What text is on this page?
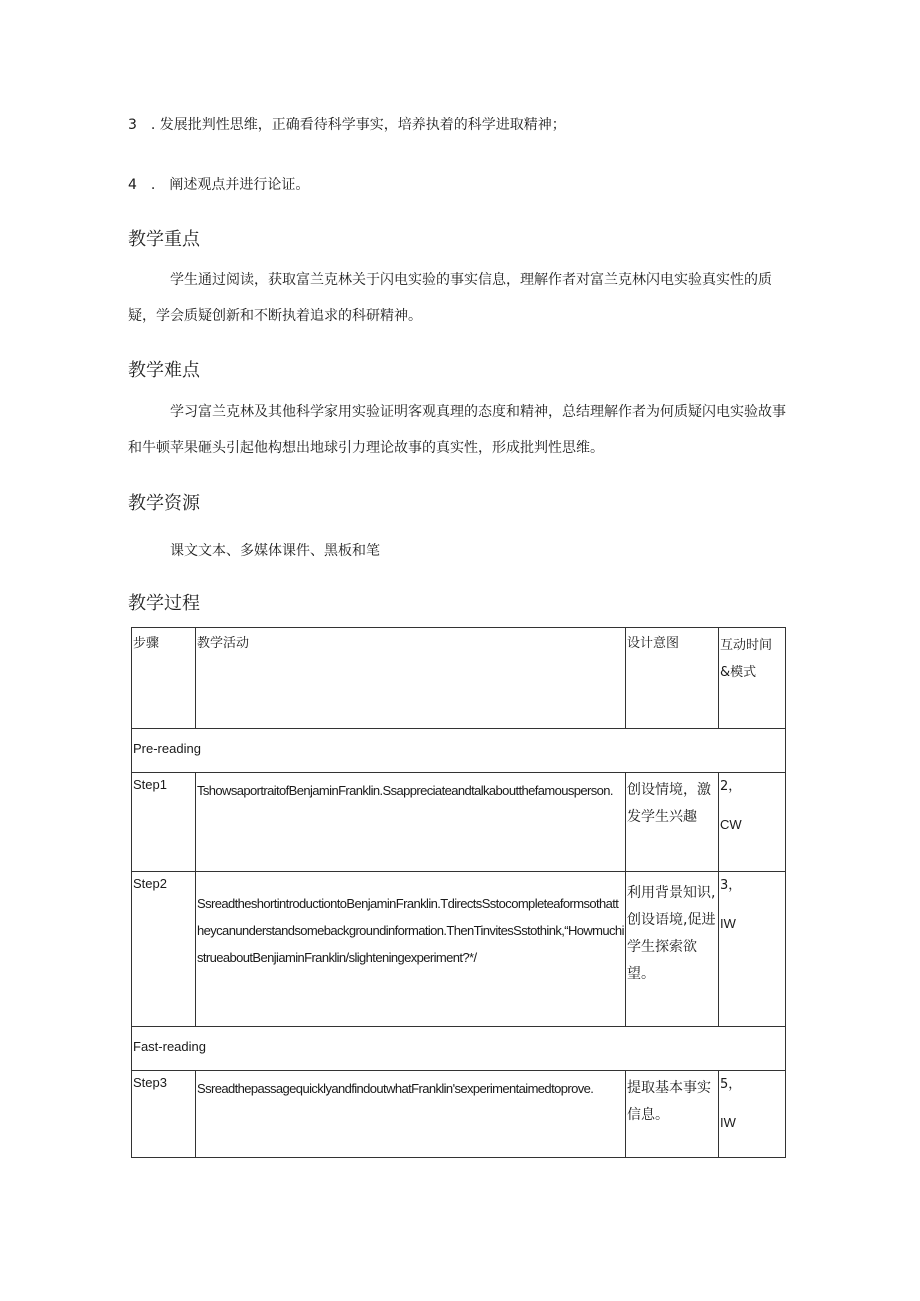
3　. 发展批判性思维，正确看待科学事实，培养执着的科学进取精神；
4　.　阐述观点并进行论证。
教学重点
学生通过阅读，获取富兰克林关于闪电实验的事实信息，理解作者对富兰克林闪电实验真实性的质疑，学会质疑创新和不断执着追求的科研精神。
教学难点
学习富兰克林及其他科学家用实验证明客观真理的态度和精神，总结理解作者为何质疑闪电实验故事和牛顿苹果砸头引起他构想出地球引力理论故事的真实性，形成批判性思维。
教学资源
课文文本、多媒体课件、黑板和笔
教学过程
步骤	教学活动	设计意图	互动时间
&模式

Pre-reading			
Step1	TshowsaportraitofBenjaminFranklin.Ssappreciateandtalkaboutthefamousperson.	创设情境，激发学生兴趣	2，
CW

Step2	SsreadtheshortintroductiontoBenjaminFranklin.TdirectsSstocompleteaformsothattheycanunderstandsomebackgroundinformation.ThenTinvitesSstothink,“HowmuchistrueaboutBenjiaminFranklin/slighteningexperiment?*/	利用背景知识,创设语境,促进学生探索欲望。	3，
IW

Fast-reading			
Step3	SsreadthepassagequicklyandfindoutwhatFranklin'sexperimentaimedtoprove.	提取基本事实信息。	5，
IW
